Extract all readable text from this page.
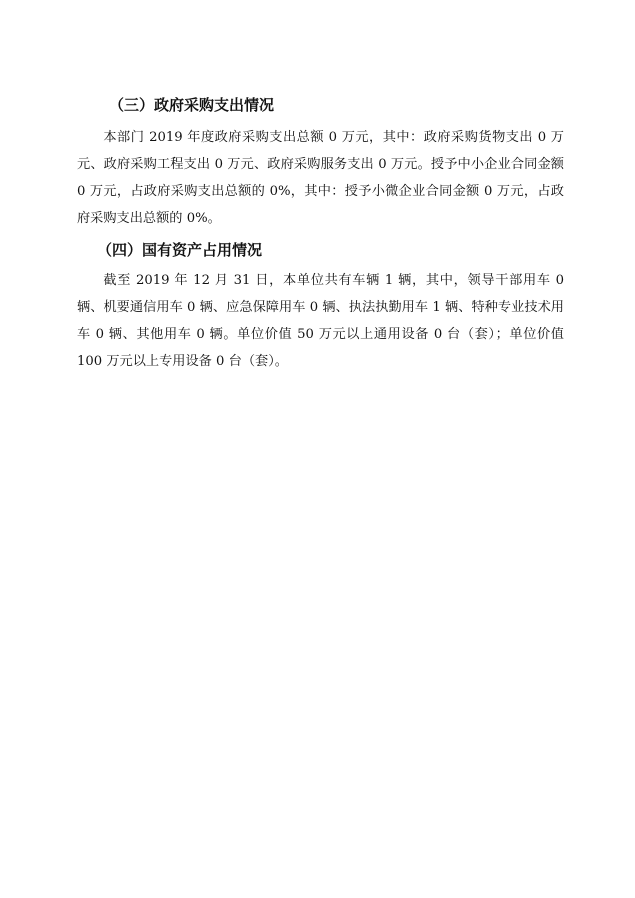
（三）政府采购支出情况

本部门 2019 年度政府采购支出总额 0 万元，其中：政府采购货物支出 0 万元、政府采购工程支出 0 万元、政府采购服务支出 0 万元。授予中小企业合同金额 0 万元，占政府采购支出总额的 0%，其中：授予小微企业合同金额 0 万元，占政府采购支出总额的 0%。

（四）国有资产占用情况

截至 2019 年 12 月 31 日，本单位共有车辆 1 辆，其中，领导干部用车 0 辆、机要通信用车 0 辆、应急保障用车 0 辆、执法执勤用车 1 辆、特种专业技术用车 0 辆、其他用车 0 辆。单位价值 50 万元以上通用设备 0 台（套）；单位价值 100 万元以上专用设备 0 台（套）。
